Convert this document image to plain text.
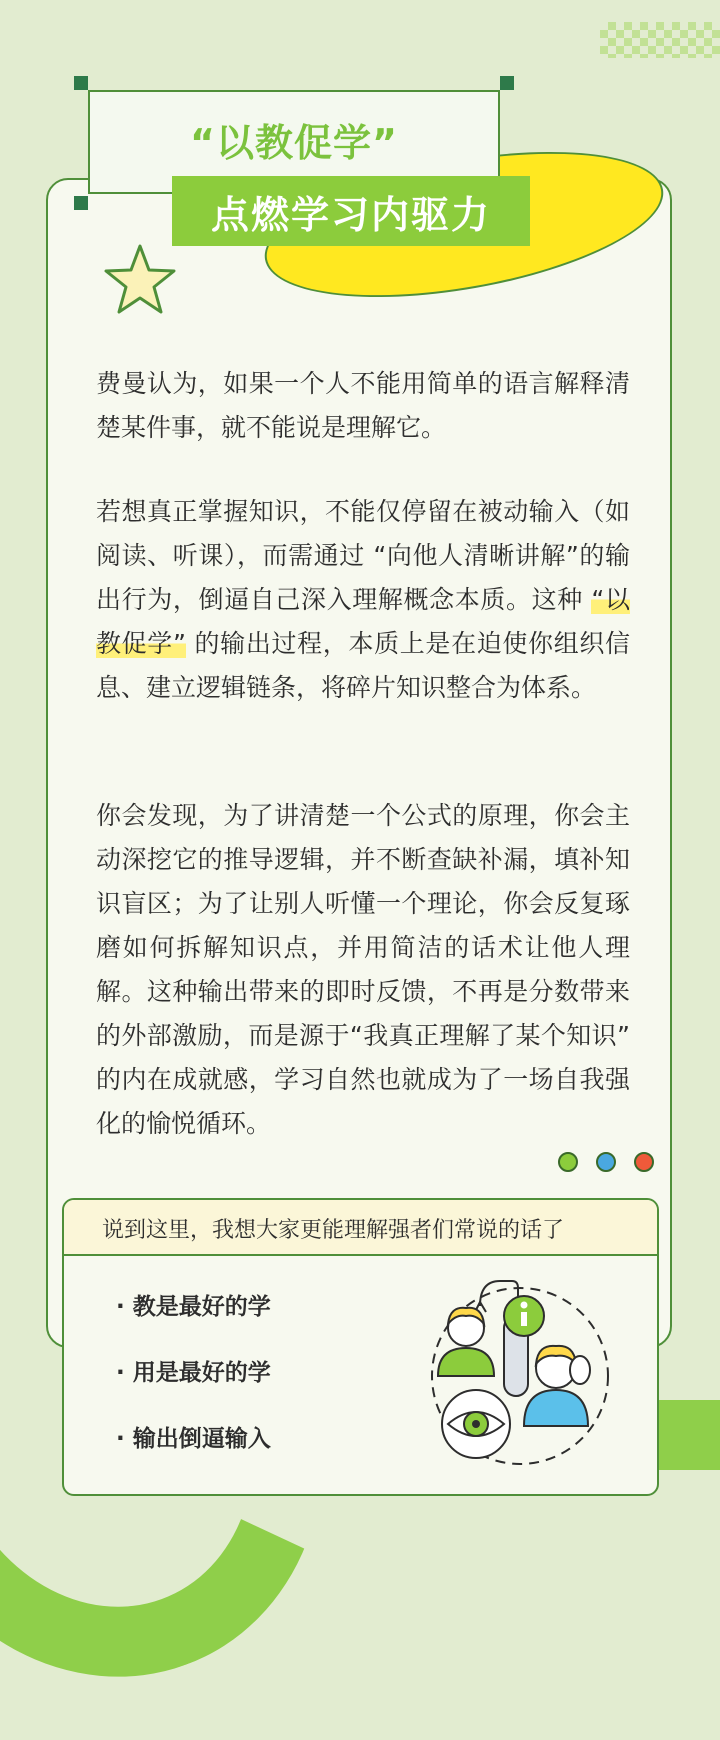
“以教促学”
点燃学习内驱力

费曼认为，如果一个人不能用简单的语言解释清楚某件事，就不能说是理解它。

若想真正掌握知识，不能仅停留在被动输入（如阅读、听课），而需通过 “向他人清晰讲解”的输出行为，倒逼自己深入理解概念本质。这种 “以教促学” 的输出过程，本质上是在迫使你组织信息、建立逻辑链条，将碎片知识整合为体系。

你会发现，为了讲清楚一个公式的原理，你会主动深挖它的推导逻辑，并不断查缺补漏，填补知识盲区；为了让别人听懂一个理论，你会反复琢磨如何拆解知识点，并用简洁的话术让他人理解。这种输出带来的即时反馈，不再是分数带来的外部激励，而是源于“我真正理解了某个知识” 的内在成就感，学习自然也就成为了一场自我强化的愉悦循环。

说到这里，我想大家更能理解强者们常说的话了
· 教是最好的学
· 用是最好的学
· 输出倒逼输入
